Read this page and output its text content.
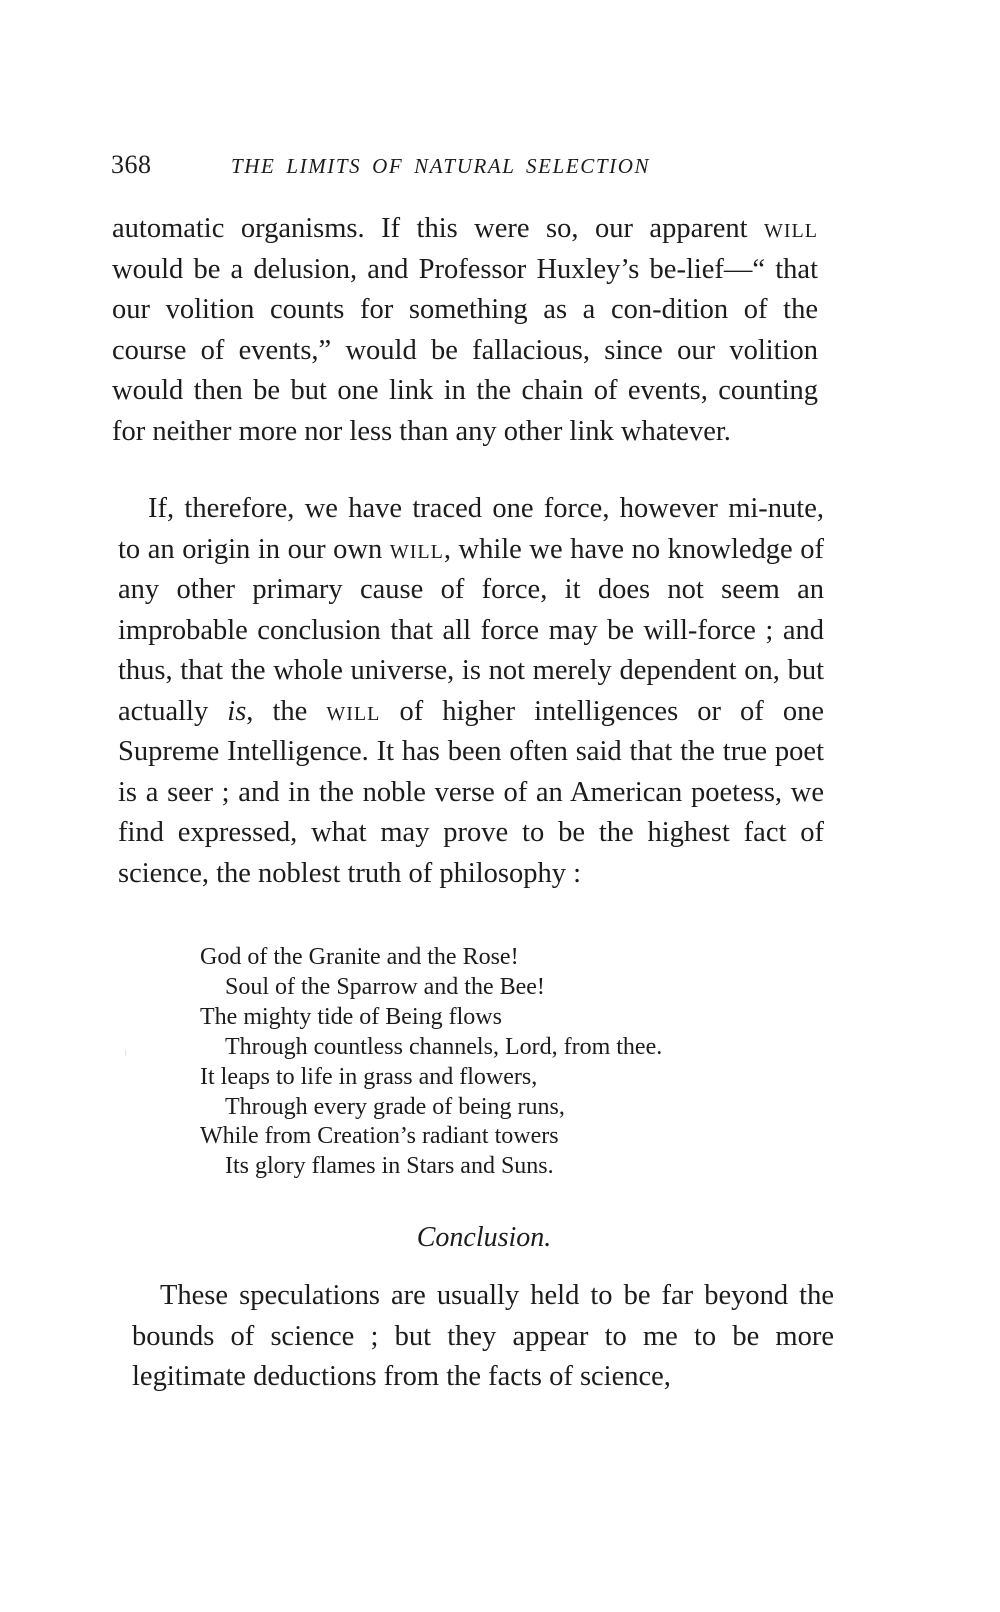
368	THE LIMITS OF NATURAL SELECTION

automatic organisms. If this were so, our apparent will would be a delusion, and Professor Huxley’s be-lief—“ that our volition counts for something as a con-dition of the course of events,” would be fallacious, since our volition would then be but one link in the chain of events, counting for neither more nor less than any other link whatever.

If, therefore, we have traced one force, however mi-nute, to an origin in our own will, while we have no knowledge of any other primary cause of force, it does not seem an improbable conclusion that all force may be will-force ; and thus, that the whole universe, is not merely dependent on, but actually is, the will of higher intelligences or of one Supreme Intelligence. It has been often said that the true poet is a seer ; and in the noble verse of an American poetess, we find expressed, what may prove to be the highest fact of science, the noblest truth of philosophy :

God of the Granite and the Rose!
Soul of the Sparrow and the Bee!
The mighty tide of Being flows
Through countless channels, Lord, from thee.
It leaps to life in grass and flowers,
Through every grade of being runs,
While from Creation’s radiant towers
Its glory flames in Stars and Suns.
Conclusion.

These speculations are usually held to be far beyond the bounds of science ; but they appear to me to be more legitimate deductions from the facts of science,
